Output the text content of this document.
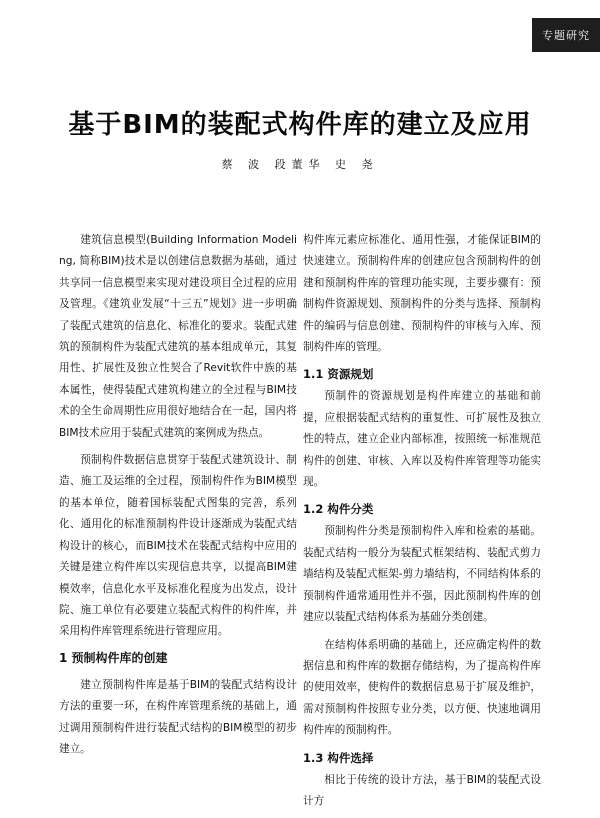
专题研究
基于BIM的装配式构件库的建立及应用
蔡 波 段董华 史 尧

建筑信息模型(Building Information Modeling, 简称BIM)技术是以创建信息数据为基础，通过共享同一信息模型来实现对建设项目全过程的应用及管理。《建筑业发展“十三五”规划》进一步明确了装配式建筑的信息化、标准化的要求。装配式建筑的预制构件为装配式建筑的基本组成单元，其复用性、扩展性及独立性契合了Revit软件中族的基本属性，使得装配式建筑构建立的全过程与BIM技术的全生命周期性应用很好地结合在一起，国内将BIM技术应用于装配式建筑的案例成为热点。

预制构件数据信息贯穿于装配式建筑设计、制造、施工及运维的全过程，预制构件作为BIM模型的基本单位，随着国标装配式图集的完善，系列化、通用化的标准预制构件设计逐渐成为装配式结构设计的核心，而BIM技术在装配式结构中应用的关键是建立构件库以实现信息共享，以提高BIM建模效率，信息化水平及标准化程度为出发点，设计院、施工单位有必要建立装配式构件的构件库，并采用构件库管理系统进行管理应用。

1 预制构件库的创建

建立预制构件库是基于BIM的装配式结构设计方法的重要一环，在构件库管理系统的基础上，通过调用预制构件进行装配式结构的BIM模型的初步建立。

构件库元素应标准化、通用性强，才能保证BIM的快速建立。预制构件库的创建应包含预制构件的创建和预制构件库的管理功能实现，主要步骤有：预制构件资源规划、预制构件的分类与选择、预制构件的编码与信息创建、预制构件的审核与入库、预制构件库的管理。

1.1 资源规划

预制件的资源规划是构件库建立的基础和前提，应根据装配式结构的重复性、可扩展性及独立性的特点，建立企业内部标准，按照统一标准规范构件的创建、审核、入库以及构件库管理等功能实现。

1.2 构件分类

预制构件分类是预制构件入库和检索的基础。装配式结构一般分为装配式框架结构、装配式剪力墙结构及装配式框架-剪力墙结构，不同结构体系的预制构件通常通用性并不强，因此预制构件库的创建应以装配式结构体系为基础分类创建。

在结构体系明确的基础上，还应确定构件的数据信息和构件库的数据存储结构，为了提高构件库的使用效率，使构件的数据信息易于扩展及维护，需对预制构件按照专业分类，以方便、快速地调用构件库的预制构件。

1.3 构件选择

相比于传统的设计方法，基于BIM的装配式设计方
